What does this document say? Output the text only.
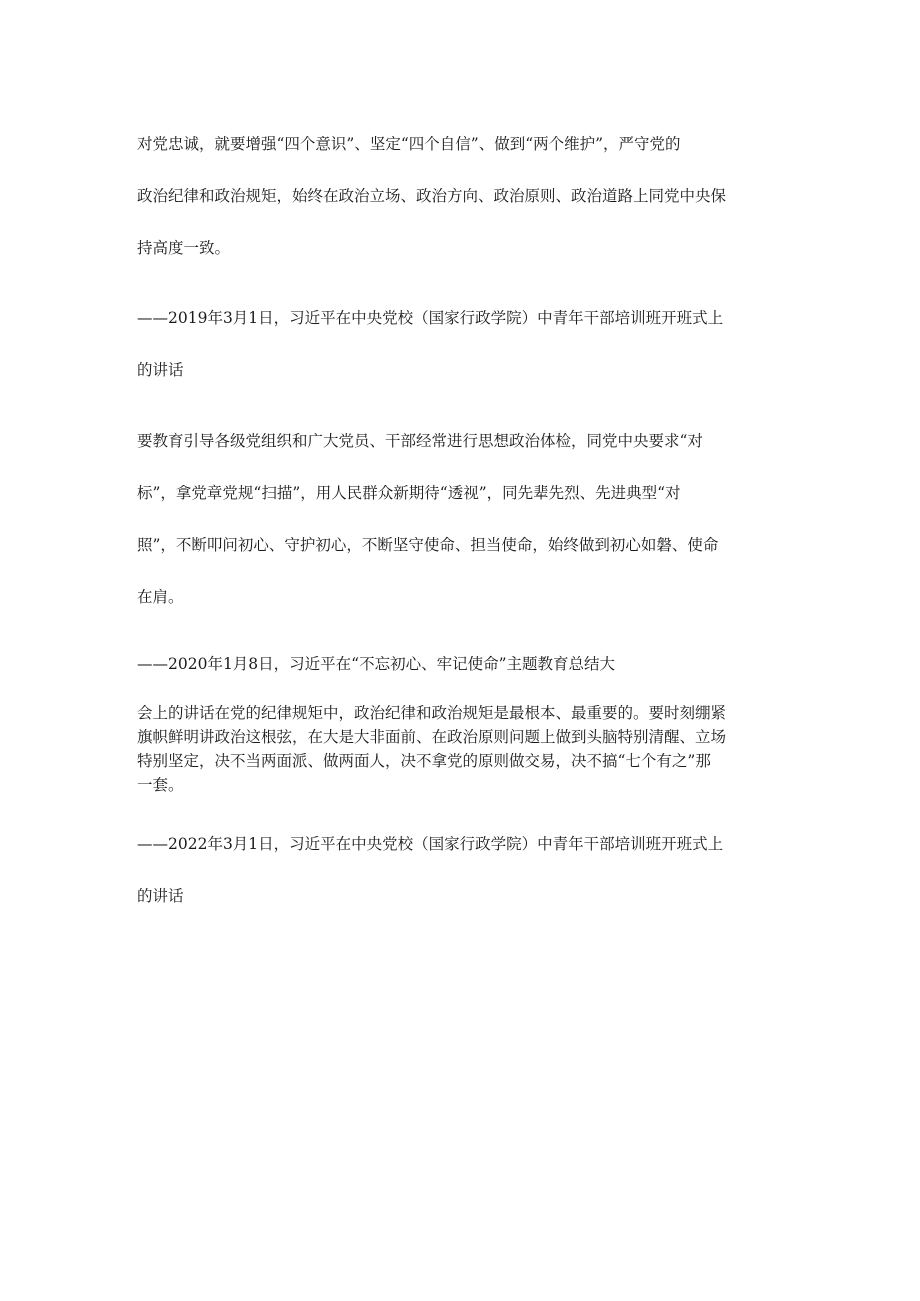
对党忠诚，就要增强“四个意识”、坚定“四个自信”、做到“两个维护”，严守党的
政治纪律和政治规矩，始终在政治立场、政治方向、政治原则、政治道路上同党中央保
持高度一致。
——2019年3月1日，习近平在中央党校（国家行政学院）中青年干部培训班开班式上
的讲话
要教育引导各级党组织和广大党员、干部经常进行思想政治体检，同党中央要求“对
标”，拿党章党规“扫描”，用人民群众新期待“透视”，同先辈先烈、先进典型“对
照”，不断叩问初心、守护初心，不断坚守使命、担当使命，始终做到初心如磐、使命
在肩。
——2020年1月8日，习近平在“不忘初心、牢记使命”主题教育总结大
会上的讲话在党的纪律规矩中，政治纪律和政治规矩是最根本、最重要的。要时刻绷紧
旗帜鲜明讲政治这根弦，在大是大非面前、在政治原则问题上做到头脑特别清醒、立场
特别坚定，决不当两面派、做两面人，决不拿党的原则做交易，决不搞“七个有之”那
一套。
——2022年3月1日，习近平在中央党校（国家行政学院）中青年干部培训班开班式上
的讲话
